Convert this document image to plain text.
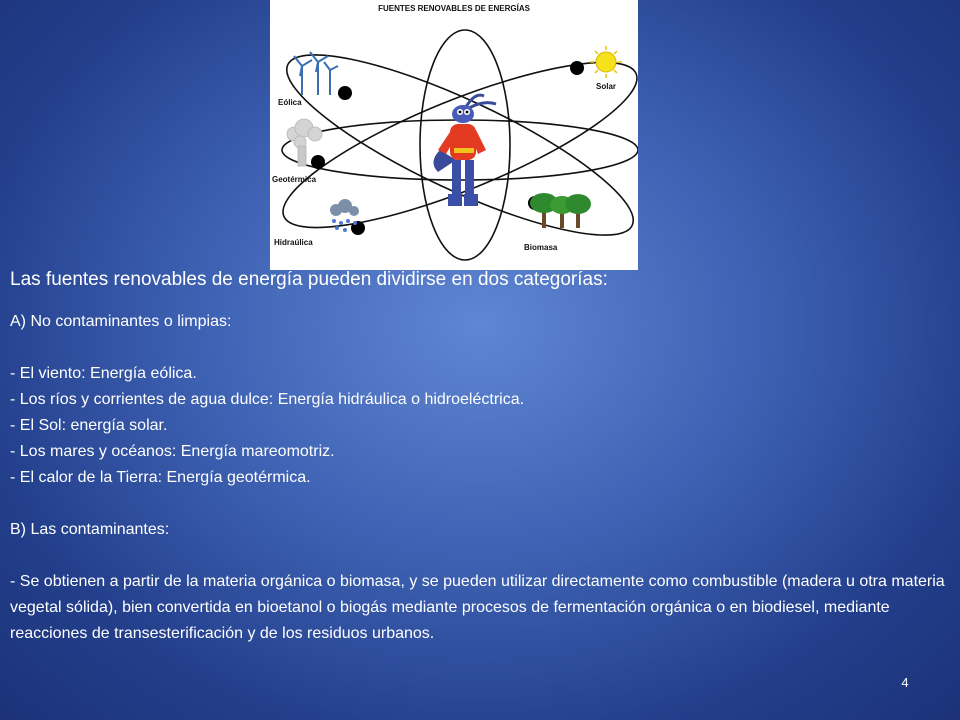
FUENTES RENOVABLES DE ENERGÍAS
Eólica
Solar
Geotérmica
Hidraúlica
Biomasa

Las fuentes renovables de energía pueden dividirse en dos categorías:

A) No contaminantes o limpias:

- El viento: Energía eólica.

- Los ríos y corrientes de agua dulce: Energía hidráulica o hidroeléctrica.

- El Sol: energía solar.

- Los mares y océanos: Energía mareomotriz.

- El calor de la Tierra: Energía geotérmica.

B) Las contaminantes:

- Se obtienen a partir de la materia orgánica o biomasa, y se pueden utilizar directamente como combustible (madera u otra materia vegetal sólida), bien convertida en bioetanol o biogás mediante procesos de fermentación orgánica o en biodiesel, mediante reacciones de transesterificación y de los residuos urbanos.

4
